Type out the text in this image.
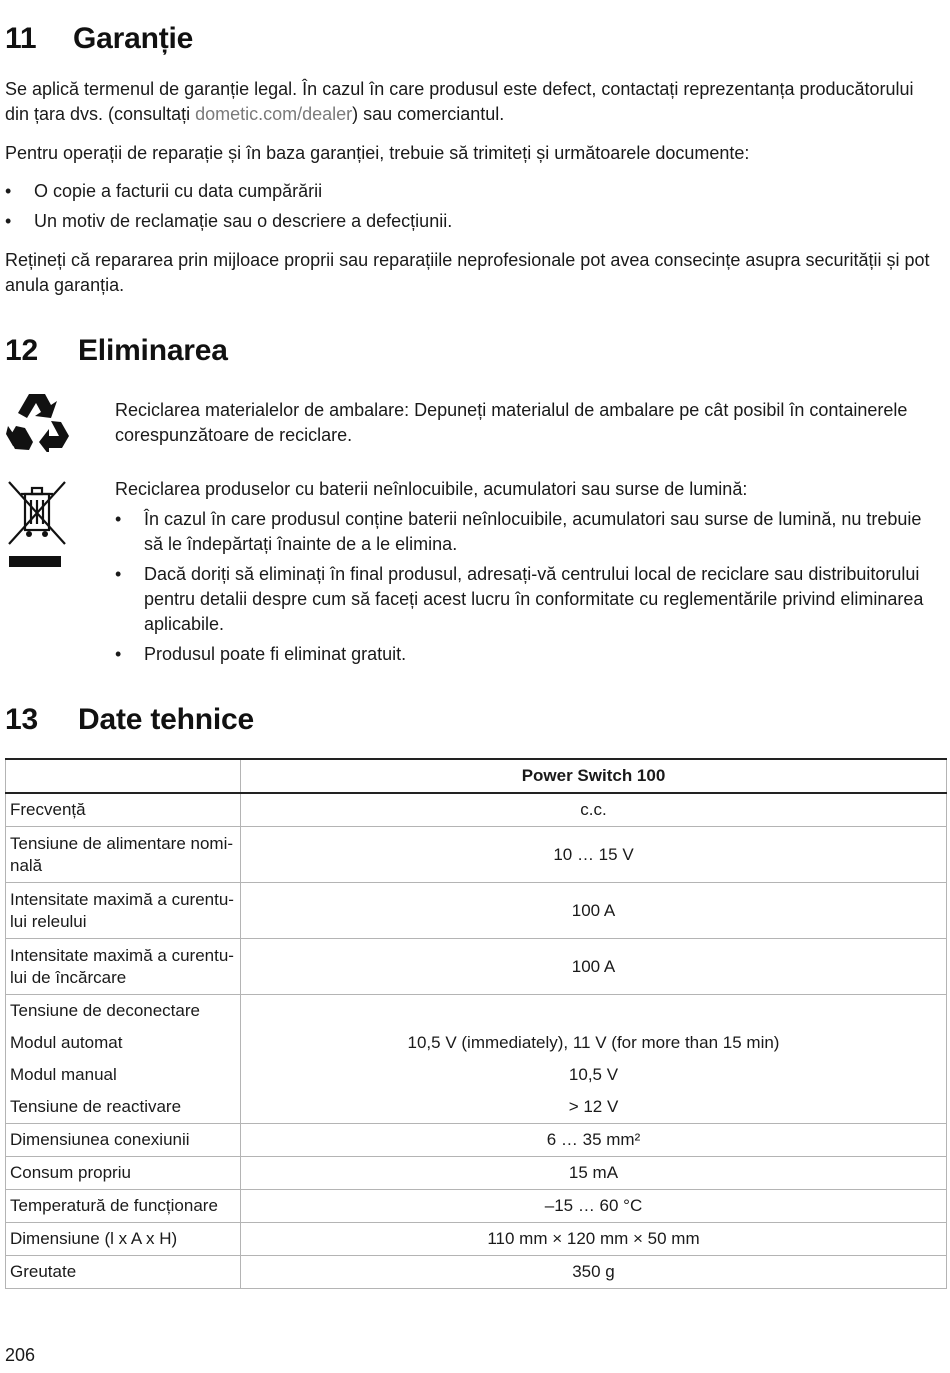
11 Garanție

Se aplică termenul de garanție legal. În cazul în care produsul este defect, contactați reprezentanța producătorului din țara dvs. (consultați dometic.com/dealer) sau comerciantul.

Pentru operații de reparație și în baza garanției, trebuie să trimiteți și următoarele documente:

• O copie a facturii cu data cumpărării
• Un motiv de reclamație sau o descriere a defecțiunii.

Rețineți că repararea prin mijloace proprii sau reparațiile neprofesionale pot avea consecințe asupra securității și pot anula garanția.

12 Eliminarea

Reciclarea materialelor de ambalare: Depuneți materialul de ambalare pe cât posibil în containerele corespunzătoare de reciclare.

Reciclarea produselor cu baterii neînlocuibile, acumulatori sau surse de lumină:

• În cazul în care produsul conține baterii neînlocuibile, acumulatori sau surse de lumină, nu trebuie să le îndepărtați înainte de a le elimina.
• Dacă doriți să eliminați în final produsul, adresați-vă centrului local de reciclare sau distribuitorului pentru detalii despre cum să faceți acest lucru în conformitate cu reglementările privind eliminarea aplicabile.
• Produsul poate fi eliminat gratuit.
13 Date tehnice
	Power Switch 100
Frecvență	c.c.
Tensiune de alimentare nomi-nală	10 … 15 V
Intensitate maximă a curentu-lui releului	100 A
Intensitate maximă a curentu-lui de încărcare	100 A
Tensiune de deconectare	
Modul automat	10,5 V (immediately), 11 V (for more than 15 min)
Modul manual	10,5 V
Tensiune de reactivare	> 12 V
Dimensiunea conexiunii	6 … 35 mm²
Consum propriu	15 mA
Temperatură de funcționare	–15 … 60 °C
Dimensiune (l x A x H)	110 mm × 120 mm × 50 mm
Greutate	350 g
206
